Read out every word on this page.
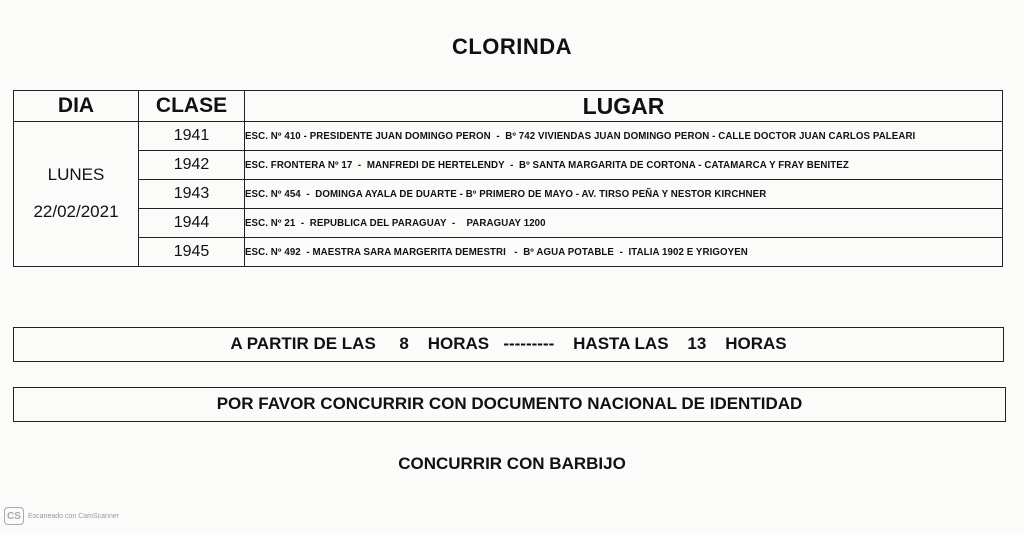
CLORINDA
DIA	CLASE	LUGAR

LUNES
22/02/2021	1941	ESC. Nº 410 - PRESIDENTE JUAN DOMINGO PERON  -  Bº 742 VIVIENDAS JUAN DOMINGO PERON - CALLE DOCTOR JUAN CARLOS PALEARI
	1942	ESC. FRONTERA Nº 17  -  MANFREDI DE HERTELENDY  -  Bº SANTA MARGARITA DE CORTONA - CATAMARCA Y FRAY BENITEZ
	1943	ESC. Nº 454  -  DOMINGA AYALA DE DUARTE - Bº PRIMERO DE MAYO - AV. TIRSO PEÑA Y NESTOR KIRCHNER
	1944	ESC. Nº 21  -  REPUBLICA DEL PARAGUAY  -    PARAGUAY 1200
	1945	ESC. Nº 492  - MAESTRA SARA MARGERITA DEMESTRI   -  Bº AGUA POTABLE  -  ITALIA 1902 E YRIGOYEN
A PARTIR DE LAS     8    HORAS   ---------    HASTA LAS    13    HORAS
POR FAVOR CONCURRIR CON DOCUMENTO NACIONAL DE IDENTIDAD
CONCURRIR CON BARBIJO
CS	Escaneado con CamScanner
